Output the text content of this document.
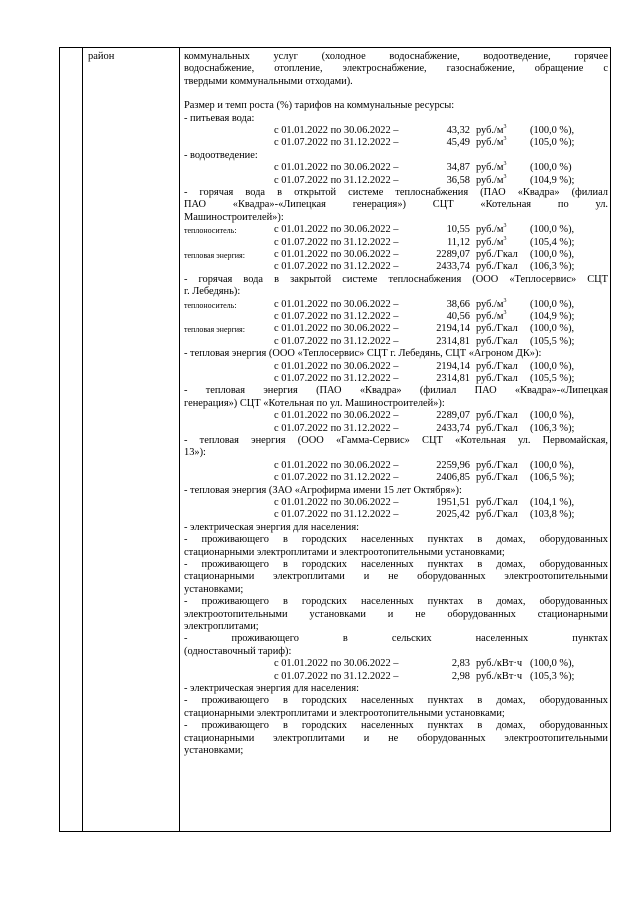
район	коммунальных услуг (холодное водоснабжение, водоотведение, горячее
водоснабжение, отопление, электроснабжение, газоснабжение, обращение с
твердыми коммунальными отходами).
Размер и темп роста (%) тарифов на коммунальные ресурсы:
- питьевая вода:
с 01.01.2022 по 30.06.2022 –	43,32 $руб./м^3$	(100,0 %),
с 01.07.2022 по 31.12.2022 –	45,49 $руб./м^3$	(105,0 %);
- водоотведение:
с 01.01.2022 по 30.06.2022 –	34,87 $руб./м^3$	(100,0 %)
с 01.07.2022 по 31.12.2022 –	36,58 $руб./м^3$	(104,9 %);
- горячая вода в открытой системе теплоснабжения (ПАО «Квадра» (филиал
ПАО «Квадра»-«Липецкая генерация») СЦТ «Котельная по ул.
Машиностроителей»):
теплоноситель:	с 01.01.2022 по 30.06.2022 –	10,55 $руб./м^3$	(100,0 %),
с 01.07.2022 по 31.12.2022 –	11,12 $руб./м^3$	(105,4 %);
тепловая энергия:	с 01.01.2022 по 30.06.2022 –	2289,07 руб./Гкал	(100,0 %),
с 01.07.2022 по 31.12.2022 –	2433,74 руб./Гкал	(106,3 %);
- горячая вода в закрытой системе теплоснабжения (ООО «Теплосервис» СЦТ
г. Лебедянь):
теплоноситель:	с 01.01.2022 по 30.06.2022 –	38,66 $руб./м^3$	(100,0 %),
с 01.07.2022 по 31.12.2022 –	40,56 $руб./м^3$	(104,9 %);
тепловая энергия:	с 01.01.2022 по 30.06.2022 –	2194,14 руб./Гкал	(100,0 %),
с 01.07.2022 по 31.12.2022 –	2314,81 руб./Гкал	(105,5 %);
- тепловая энергия (ООО «Теплосервис» СЦТ г. Лебедянь, СЦТ «Агроном ДК»):
с 01.01.2022 по 30.06.2022 –	2194,14 руб./Гкал	(100,0 %),
с 01.07.2022 по 31.12.2022 –	2314,81 руб./Гкал	(105,5 %);
- тепловая энергия (ПАО «Квадра» (филиал ПАО «Квадра»-«Липецкая
генерация») СЦТ «Котельная по ул. Машиностроителей»):
с 01.01.2022 по 30.06.2022 –	2289,07 руб./Гкал	(100,0 %),
с 01.07.2022 по 31.12.2022 –	2433,74 руб./Гкал	(106,3 %);
- тепловая энергия (ООО «Гамма-Сервис» СЦТ «Котельная ул. Первомайская,
13»):
с 01.01.2022 по 30.06.2022 –	2259,96 руб./Гкал	(100,0 %),
с 01.07.2022 по 31.12.2022 –	2406,85 руб./Гкал	(106,5 %);
- тепловая энергия (ЗАО «Агрофирма имени 15 лет Октября»):
с 01.01.2022 по 30.06.2022 –	1951,51 руб./Гкал	(104,1 %),
с 01.07.2022 по 31.12.2022 –	2025,42 руб./Гкал	(103,8 %);
- электрическая энергия для населения:
- проживающего в городских населенных пунктах в домах, оборудованных
стационарными электроплитами и электроотопительными установками;
- проживающего в городских населенных пунктах в домах, оборудованных
стационарными электроплитами и не оборудованных электроотопительными
установками;
- проживающего в городских населенных пунктах в домах, оборудованных
электроотопительными установками и не оборудованных стационарными
электроплитами;
- проживающего в сельских населенных пунктах
(одноставочный тариф):
с 01.01.2022 по 30.06.2022 –	2,83 руб./кВт·ч (100,0 %),
с 01.07.2022 по 31.12.2022 –	2,98 руб./кВт·ч (105,3 %);
- электрическая энергия для населения:
- проживающего в городских населенных пунктах в домах, оборудованных
стационарными электроплитами и электроотопительными установками;
- проживающего в городских населенных пунктах в домах, оборудованных
стационарными электроплитами и не оборудованных электроотопительными
установками;
